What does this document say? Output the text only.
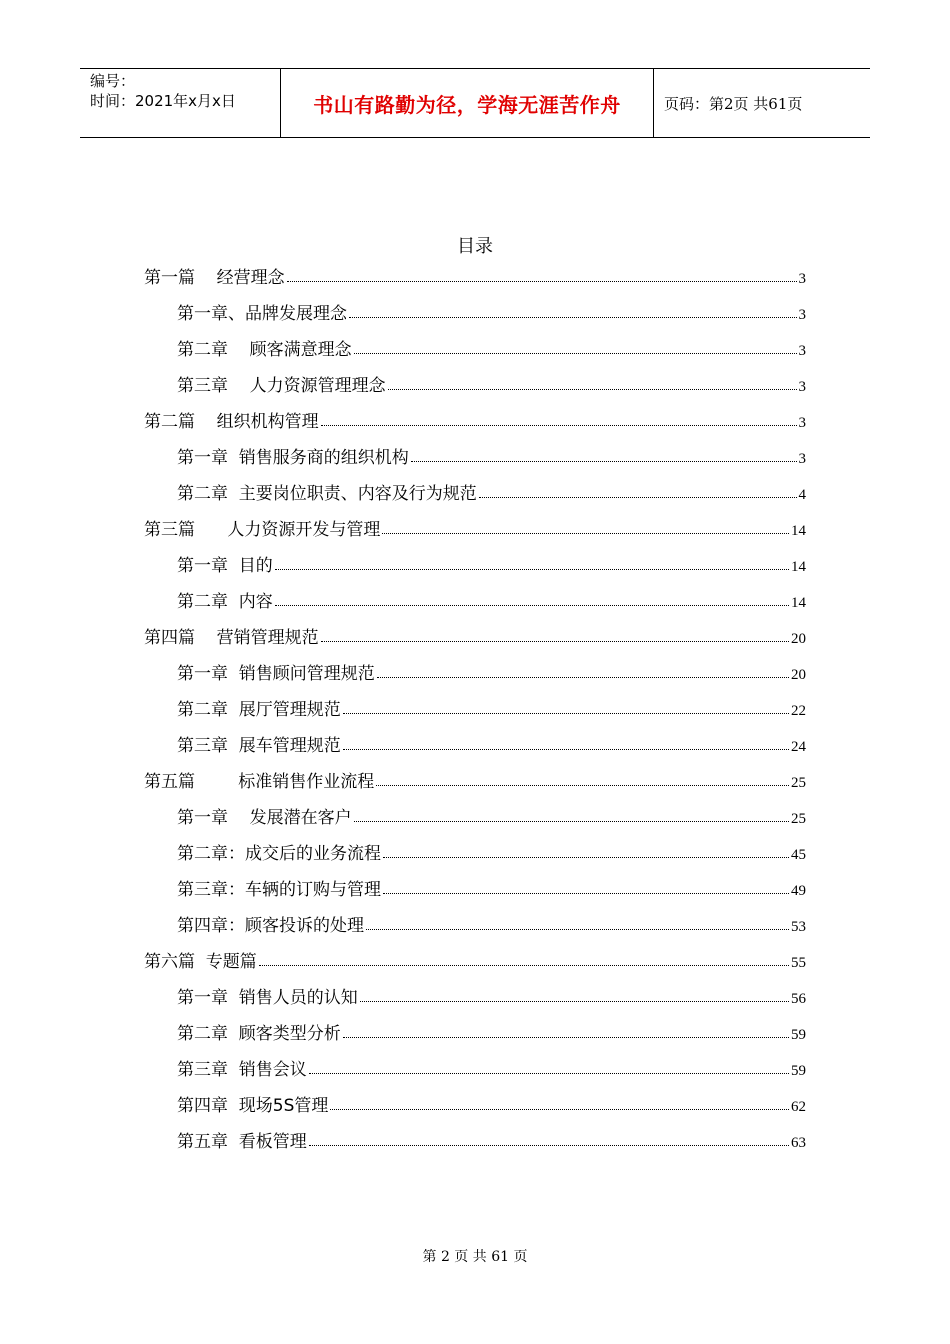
编号：
时间：2021年x月x日	书山有路勤为径，学海无涯苦作舟	页码：第2页 共61页
目录
第一篇    经营理念	3
第一章、品牌发展理念	3
第二章    顾客满意理念	3
第三章    人力资源管理理念	3
第二篇    组织机构管理	3
第一章  销售服务商的组织机构	3
第二章  主要岗位职责、内容及行为规范	4
第三篇      人力资源开发与管理	14
第一章  目的	14
第二章  内容	14
第四篇    营销管理规范	20
第一章  销售顾问管理规范	20
第二章  展厅管理规范	22
第三章  展车管理规范	24
第五篇        标准销售作业流程	25
第一章    发展潜在客户	25
第二章：成交后的业务流程	45
第三章：车辆的订购与管理	49
第四章：顾客投诉的处理	53
第六篇  专题篇	55
第一章  销售人员的认知	56
第二章  顾客类型分析	59
第三章  销售会议	59
第四章  现场5S管理	62
第五章  看板管理	63
第 2 页 共 61 页
